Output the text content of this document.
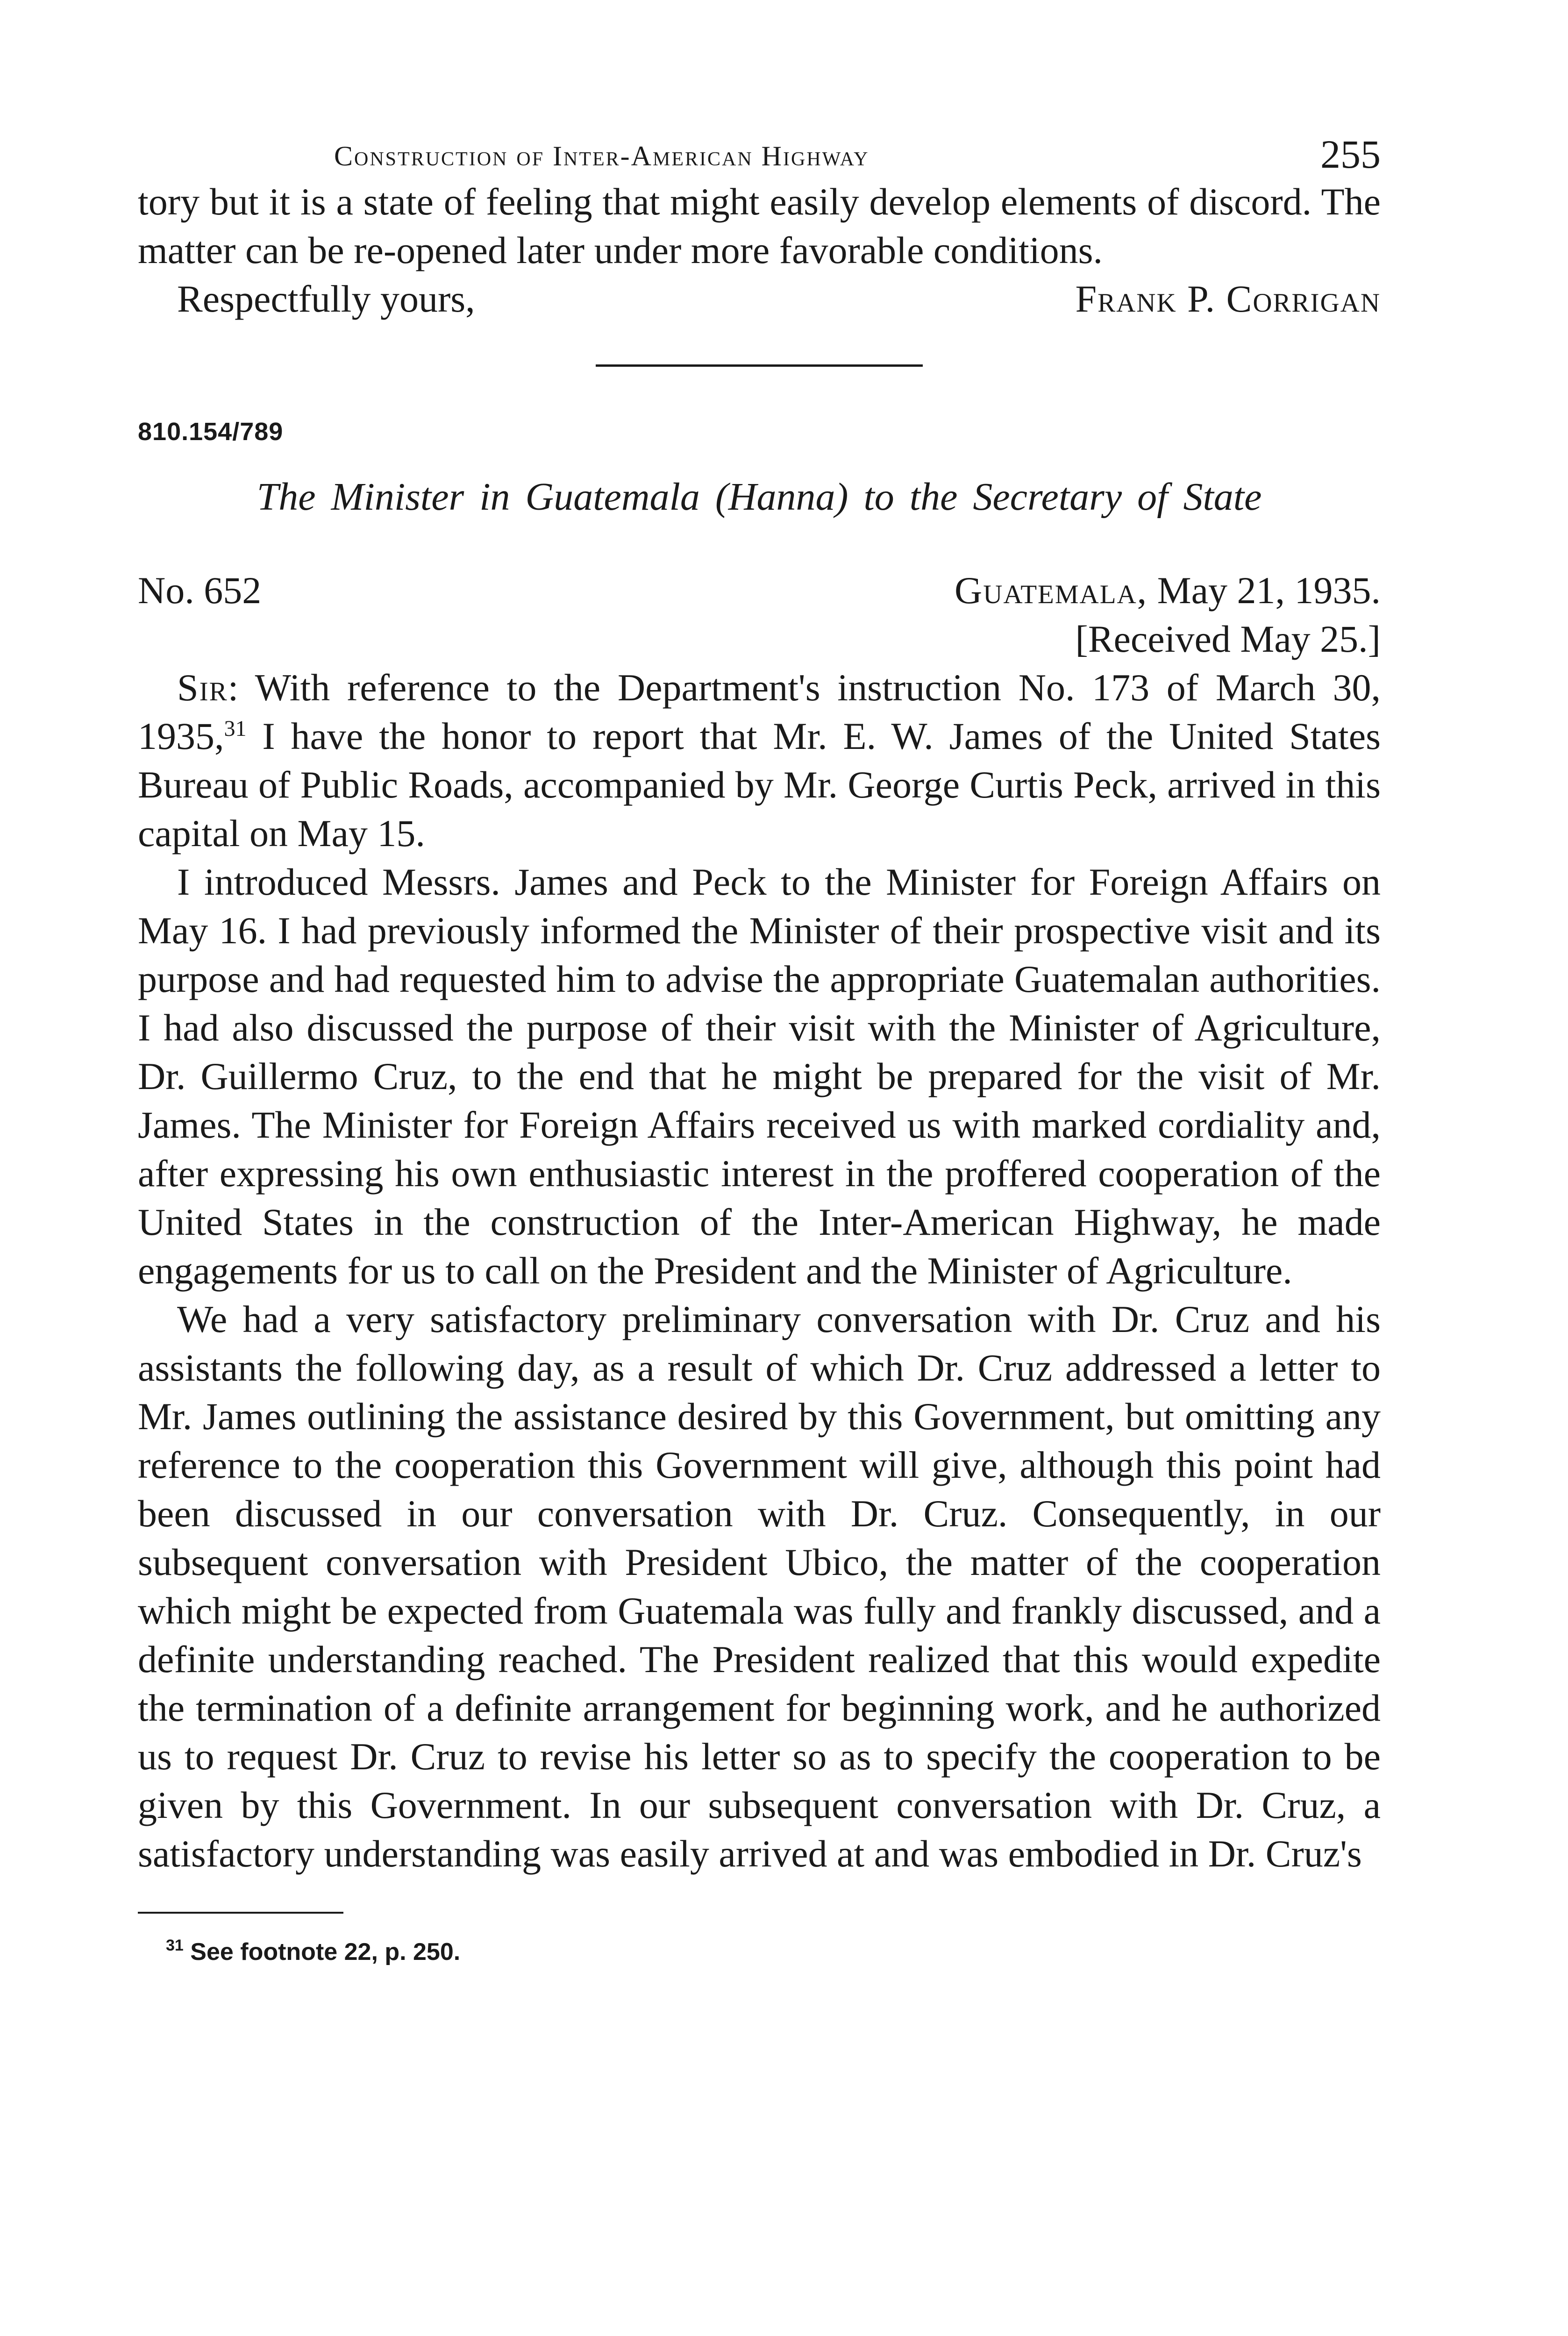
Construction of Inter-American Highway	255

tory but it is a state of feeling that might easily develop elements of discord. The matter can be re-opened later under more favorable conditions.

Respectfully yours,	Frank P. Corrigan
810.154/789
The Minister in Guatemala (Hanna) to the Secretary of State
No. 652	Guatemala, May 21, 1935.
[Received May 25.]

Sir: With reference to the Department's instruction No. 173 of March 30, 1935,31 I have the honor to report that Mr. E. W. James of the United States Bureau of Public Roads, accompanied by Mr. George Curtis Peck, arrived in this capital on May 15.

I introduced Messrs. James and Peck to the Minister for Foreign Affairs on May 16. I had previously informed the Minister of their prospective visit and its purpose and had requested him to advise the appropriate Guatemalan authorities. I had also discussed the purpose of their visit with the Minister of Agriculture, Dr. Guillermo Cruz, to the end that he might be prepared for the visit of Mr. James. The Minister for Foreign Affairs received us with marked cordiality and, after expressing his own enthusiastic interest in the proffered cooperation of the United States in the construction of the Inter-American Highway, he made engagements for us to call on the President and the Minister of Agriculture.

We had a very satisfactory preliminary conversation with Dr. Cruz and his assistants the following day, as a result of which Dr. Cruz addressed a letter to Mr. James outlining the assistance desired by this Government, but omitting any reference to the cooperation this Government will give, although this point had been discussed in our conversation with Dr. Cruz. Consequently, in our subsequent conversation with President Ubico, the matter of the cooperation which might be expected from Guatemala was fully and frankly discussed, and a definite understanding reached. The President realized that this would expedite the termination of a definite arrangement for beginning work, and he authorized us to request Dr. Cruz to revise his letter so as to specify the cooperation to be given by this Government. In our subsequent conversation with Dr. Cruz, a satisfactory understanding was easily arrived at and was embodied in Dr. Cruz's

$^{31}$ See footnote 22, p. 250.
